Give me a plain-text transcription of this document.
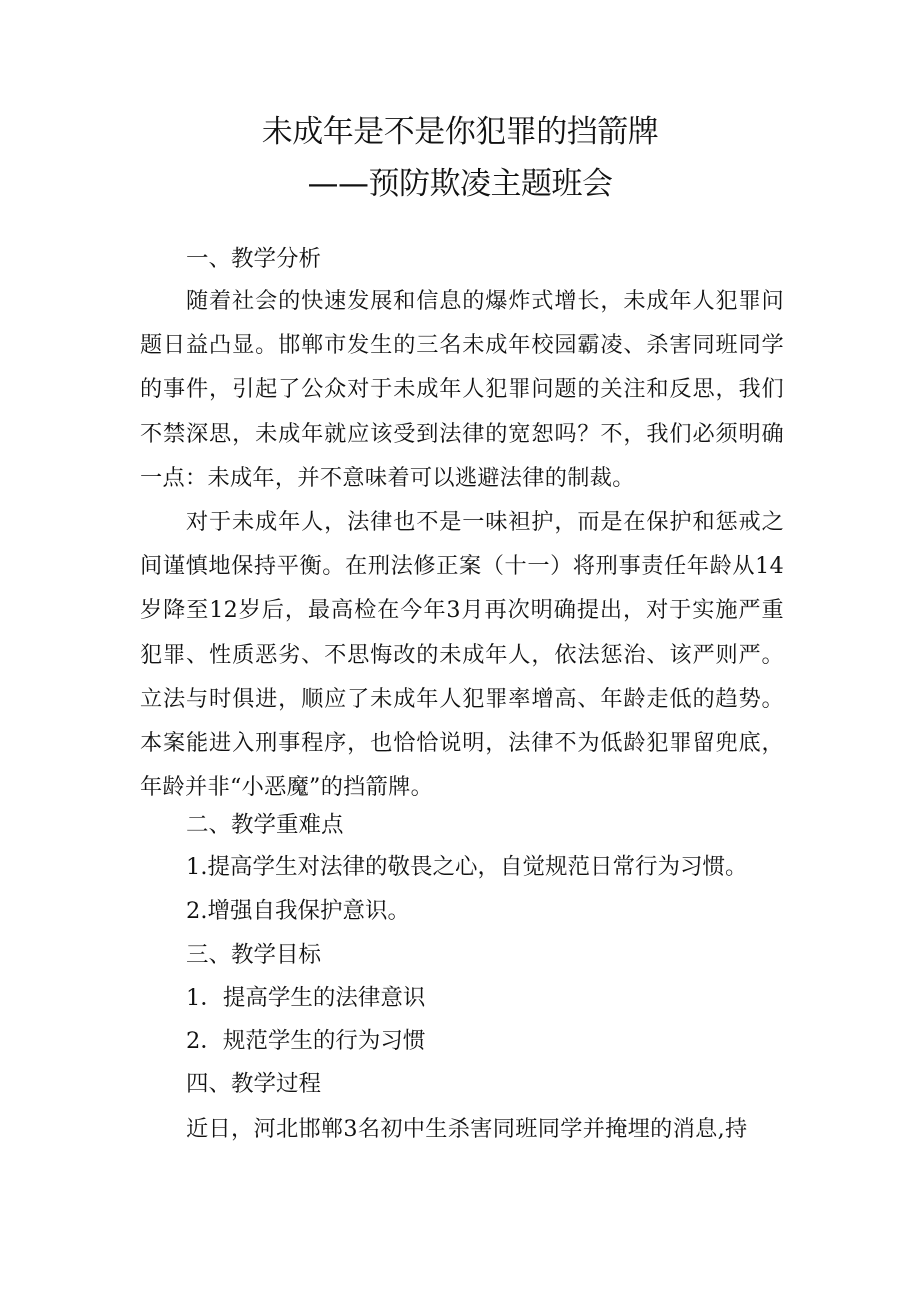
未成年是不是你犯罪的挡箭牌
——预防欺凌主题班会
一、教学分析
随着社会的快速发展和信息的爆炸式增长，未成年人犯罪问题日益凸显。邯郸市发生的三名未成年校园霸凌、杀害同班同学的事件，引起了公众对于未成年人犯罪问题的关注和反思，我们不禁深思，未成年就应该受到法律的宽恕吗？不，我们必须明确一点：未成年，并不意味着可以逃避法律的制裁。
对于未成年人，法律也不是一味袒护，而是在保护和惩戒之间谨慎地保持平衡。在刑法修正案（十一）将刑事责任年龄从14岁降至12岁后，最高检在今年3月再次明确提出，对于实施严重犯罪、性质恶劣、不思悔改的未成年人，依法惩治、该严则严。立法与时俱进，顺应了未成年人犯罪率增高、年龄走低的趋势。本案能进入刑事程序，也恰恰说明，法律不为低龄犯罪留兜底，年龄并非“小恶魔”的挡箭牌。
二、教学重难点
1.提高学生对法律的敬畏之心，自觉规范日常行为习惯。
2.增强自我保护意识。
三、教学目标
1．提高学生的法律意识
2．规范学生的行为习惯
四、教学过程
近日，河北邯郸3名初中生杀害同班同学并掩埋的消息,持
